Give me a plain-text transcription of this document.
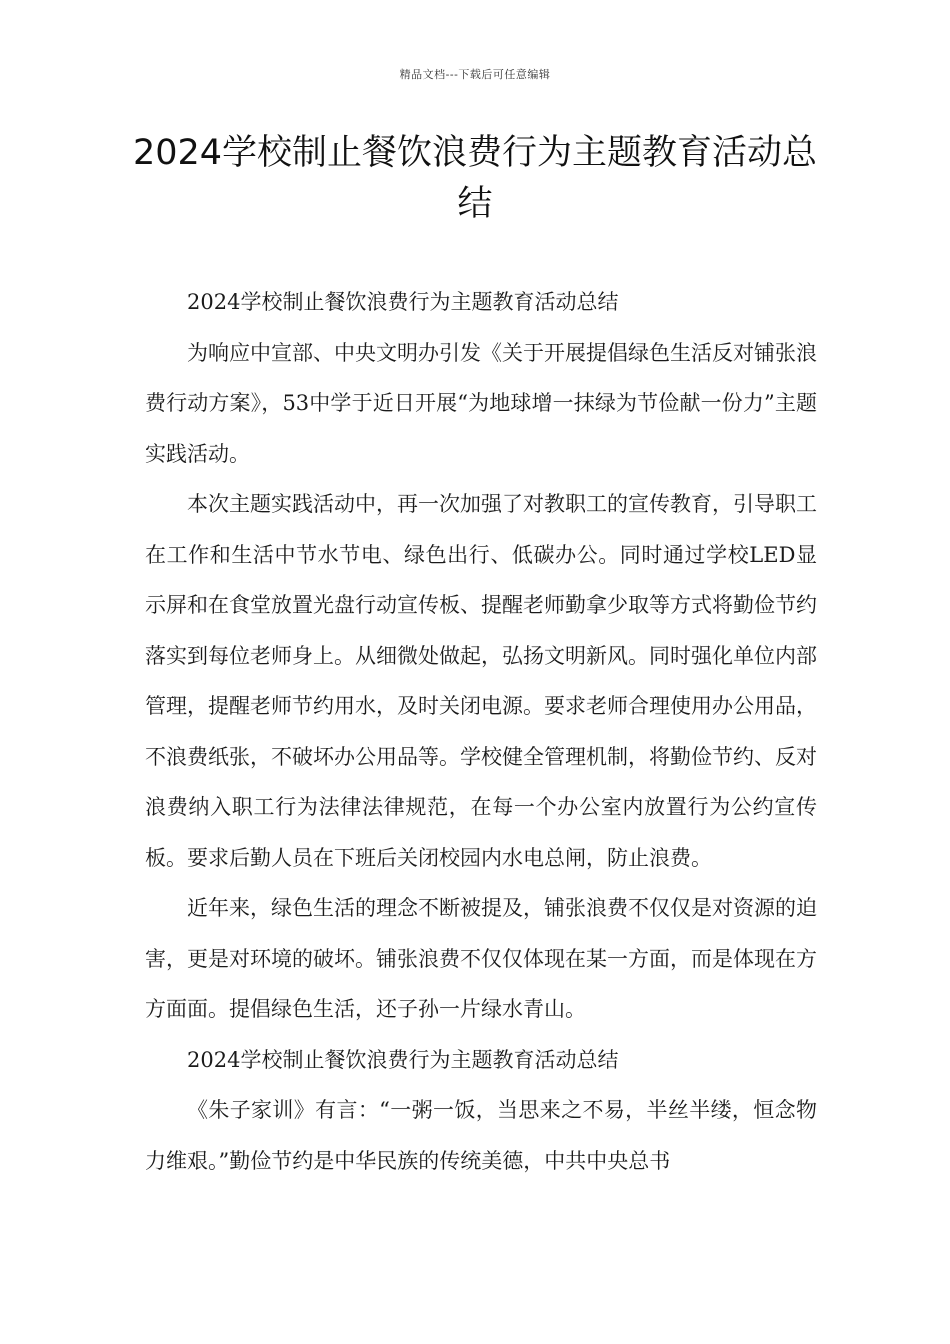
精品文档---下载后可任意编辑
2024学校制止餐饮浪费行为主题教育活动总结

2024学校制止餐饮浪费行为主题教育活动总结

为响应中宣部、中央文明办引发《关于开展提倡绿色生活反对铺张浪费行动方案》，53中学于近日开展“为地球增一抹绿为节俭献一份力”主题实践活动。

本次主题实践活动中，再一次加强了对教职工的宣传教育，引导职工在工作和生活中节水节电、绿色出行、低碳办公。同时通过学校LED显示屏和在食堂放置光盘行动宣传板、提醒老师勤拿少取等方式将勤俭节约落实到每位老师身上。从细微处做起，弘扬文明新风。同时强化单位内部管理，提醒老师节约用水，及时关闭电源。要求老师合理使用办公用品，不浪费纸张，不破坏办公用品等。学校健全管理机制，将勤俭节约、反对浪费纳入职工行为法律法律规范，在每一个办公室内放置行为公约宣传板。要求后勤人员在下班后关闭校园内水电总闸，防止浪费。

近年来，绿色生活的理念不断被提及，铺张浪费不仅仅是对资源的迫害，更是对环境的破坏。铺张浪费不仅仅体现在某一方面，而是体现在方方面面。提倡绿色生活，还子孙一片绿水青山。

2024学校制止餐饮浪费行为主题教育活动总结

《朱子家训》有言：“一粥一饭，当思来之不易，半丝半缕，恒念物力维艰。”勤俭节约是中华民族的传统美德，中共中央总书
